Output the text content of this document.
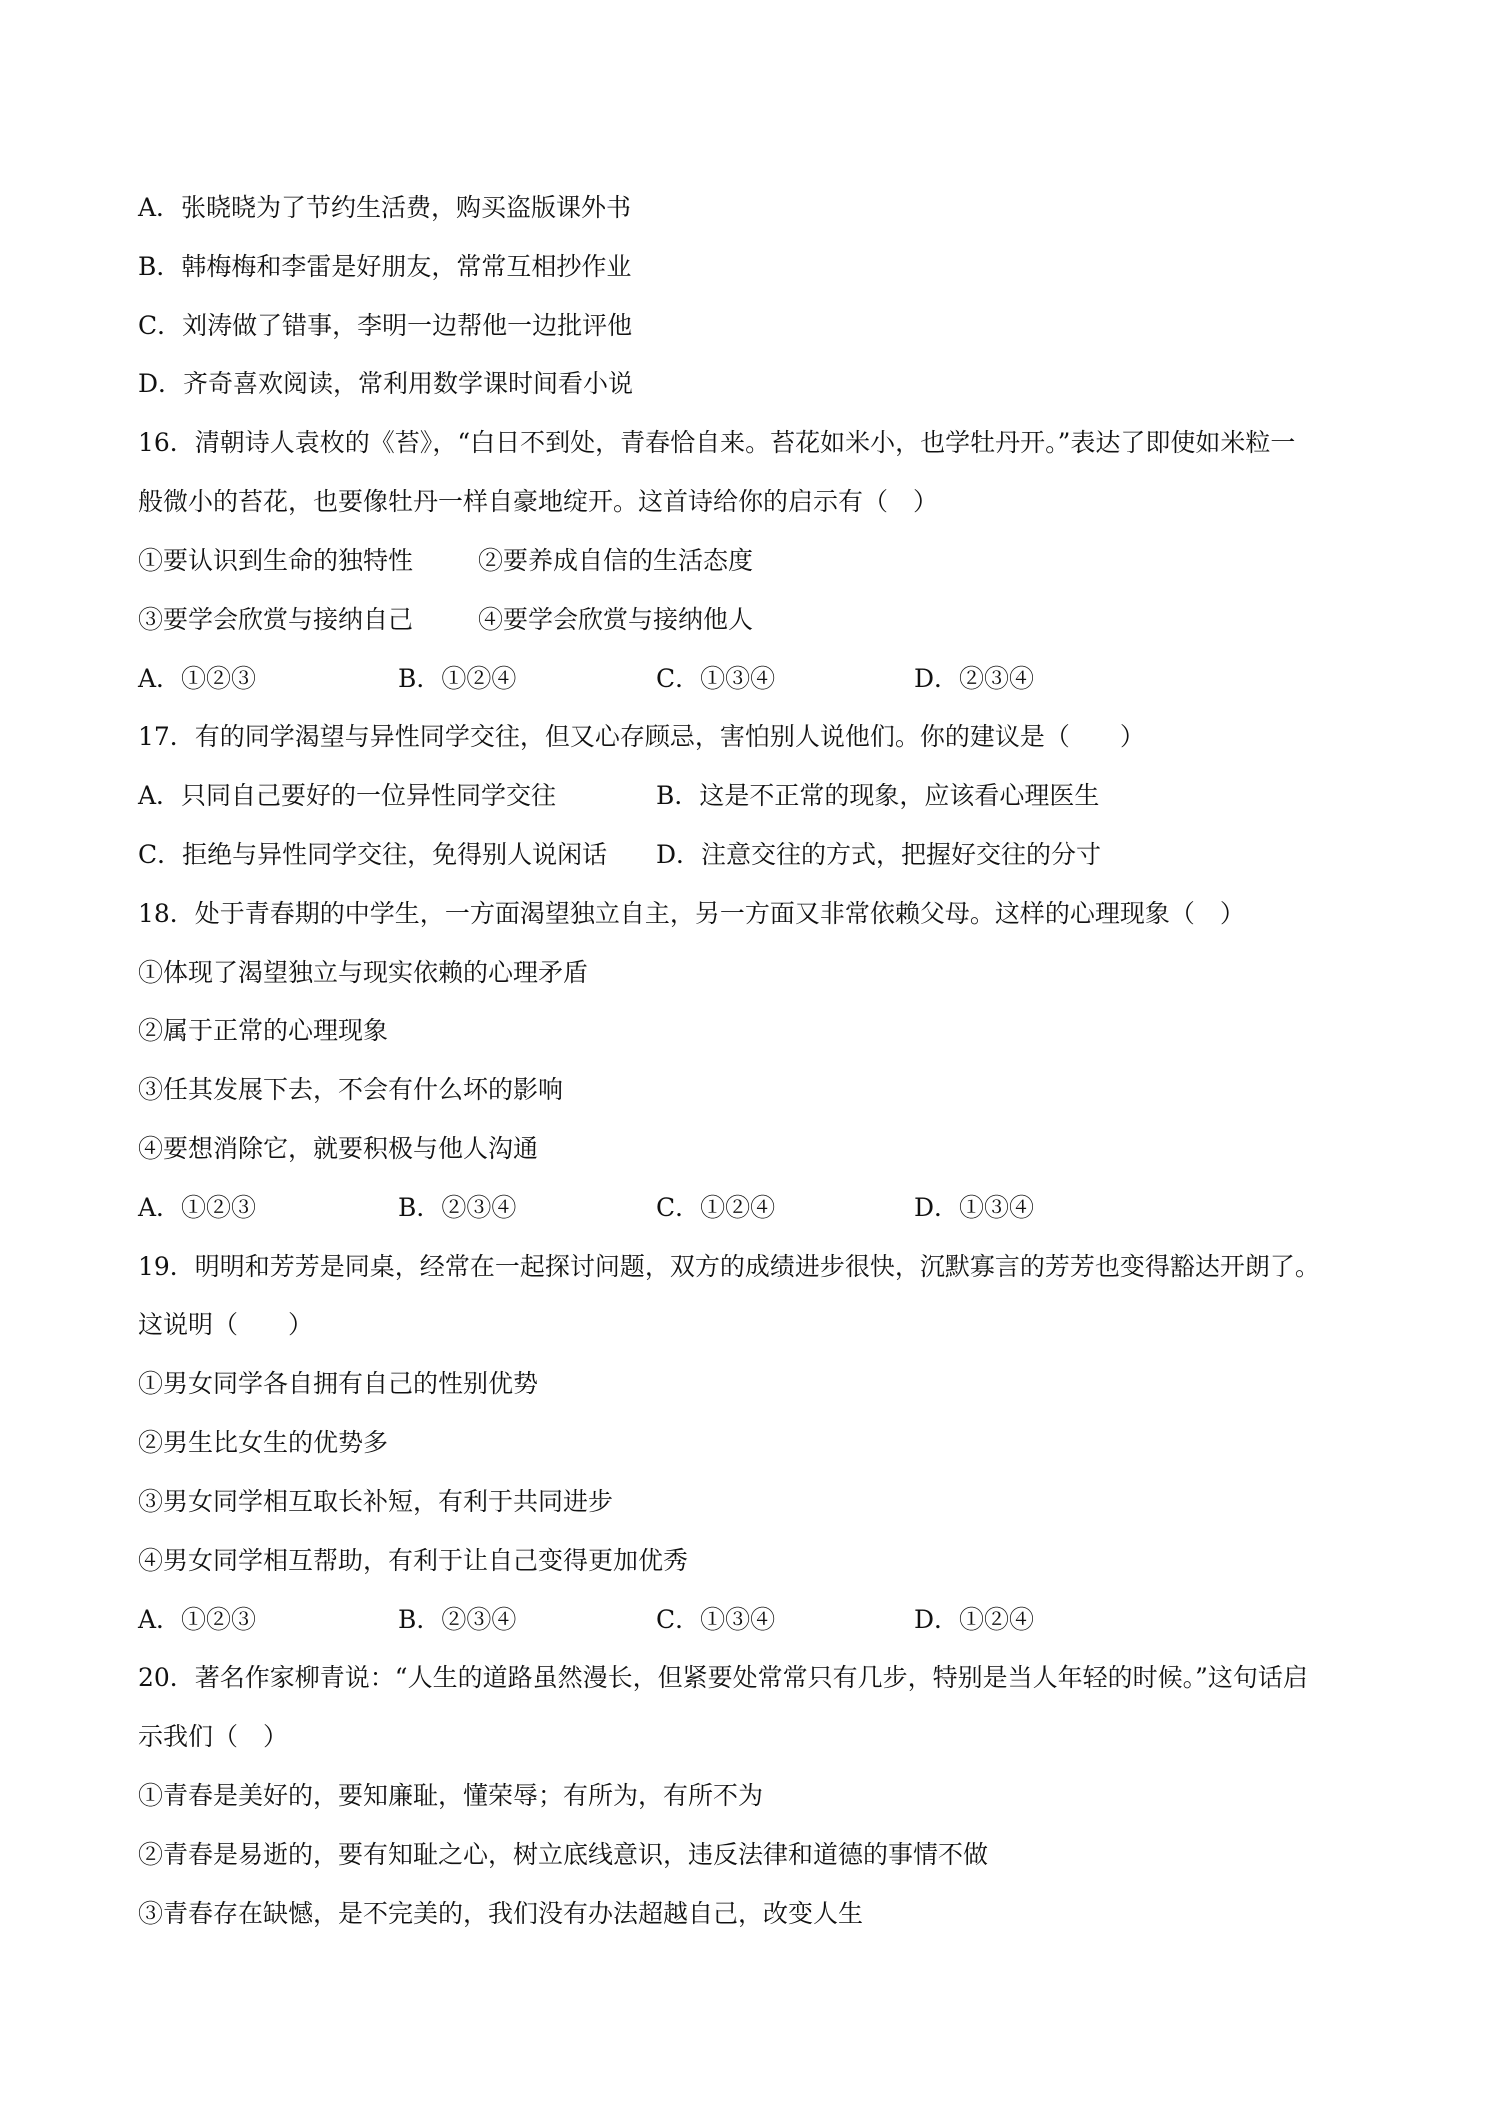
A．张晓晓为了节约生活费，购买盗版课外书
B．韩梅梅和李雷是好朋友，常常互相抄作业
C．刘涛做了错事，李明一边帮他一边批评他
D．齐奇喜欢阅读，常利用数学课时间看小说
16．清朝诗人袁枚的《苔》，“白日不到处，青春恰自来。苔花如米小，也学牡丹开。”表达了即使如米粒一
般微小的苔花，也要像牡丹一样自豪地绽开。这首诗给你的启示有（　）
①要认识到生命的独特性	②要养成自信的生活态度
③要学会欣赏与接纳自己	④要学会欣赏与接纳他人
A．①②③	B．①②④	C．①③④	D．②③④
17．有的同学渴望与异性同学交往，但又心存顾忌，害怕别人说他们。你的建议是（　　）
A．只同自己要好的一位异性同学交往	B．这是不正常的现象，应该看心理医生
C．拒绝与异性同学交往，免得别人说闲话 D．注意交往的方式，把握好交往的分寸
18．处于青春期的中学生，一方面渴望独立自主，另一方面又非常依赖父母。这样的心理现象（　）
①体现了渴望独立与现实依赖的心理矛盾
②属于正常的心理现象
③任其发展下去，不会有什么坏的影响
④要想消除它，就要积极与他人沟通
A．①②③	B．②③④	C．①②④	D．①③④
19．明明和芳芳是同桌，经常在一起探讨问题，双方的成绩进步很快，沉默寡言的芳芳也变得豁达开朗了。
这说明（　　）
①男女同学各自拥有自己的性别优势
②男生比女生的优势多
③男女同学相互取长补短，有利于共同进步
④男女同学相互帮助，有利于让自己变得更加优秀
A．①②③	B．②③④	C．①③④	D．①②④
20．著名作家柳青说：“人生的道路虽然漫长，但紧要处常常只有几步，特别是当人年轻的时候。”这句话启
示我们（　）
①青春是美好的，要知廉耻，懂荣辱；有所为，有所不为
②青春是易逝的，要有知耻之心，树立底线意识，违反法律和道德的事情不做
③青春存在缺憾，是不完美的，我们没有办法超越自己，改变人生
